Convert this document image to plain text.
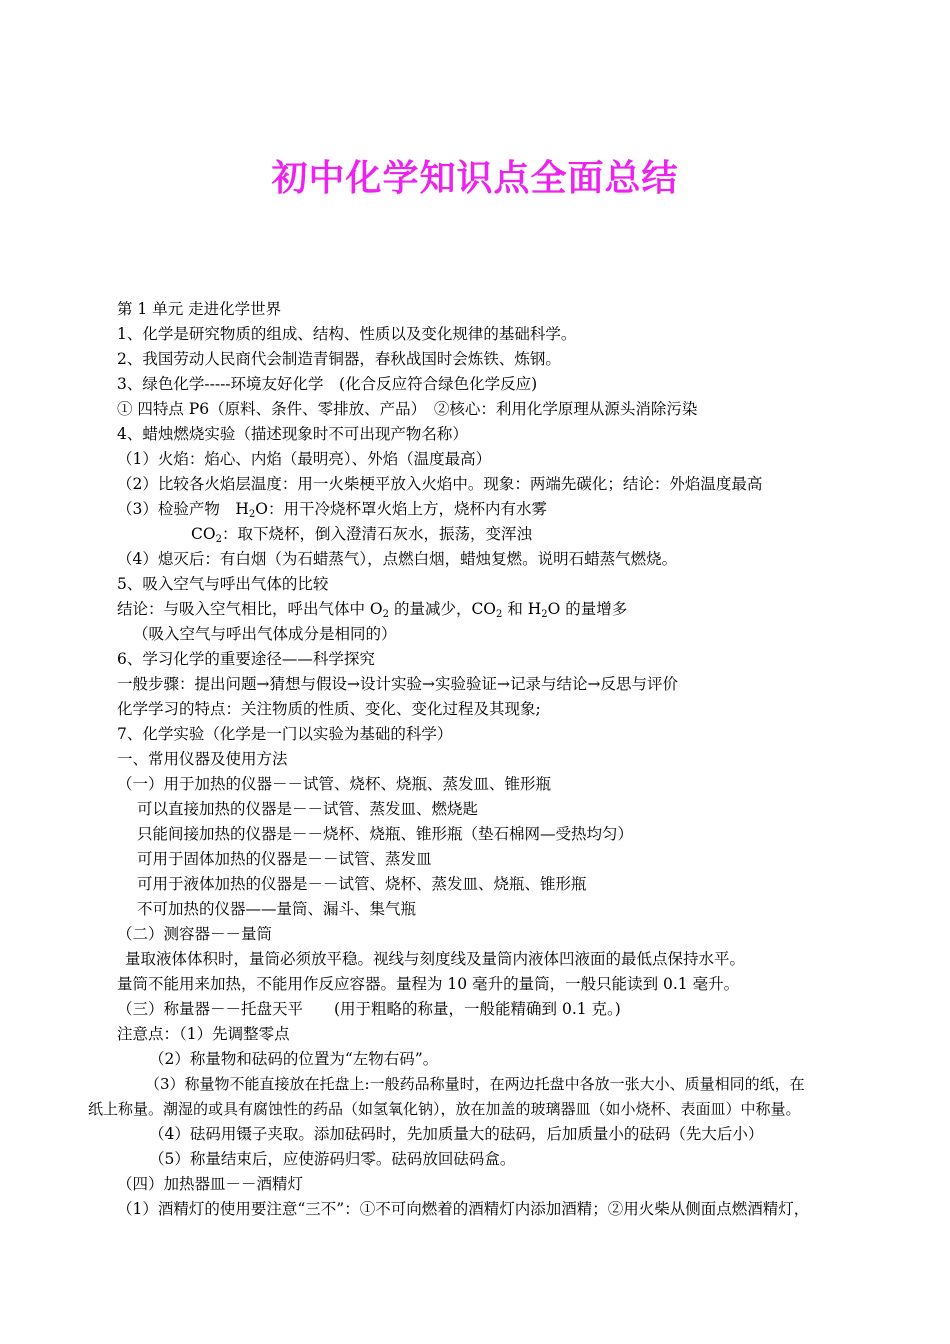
初中化学知识点全面总结
第 1 单元 走进化学世界
1、化学是研究物质的组成、结构、性质以及变化规律的基础科学。
2、我国劳动人民商代会制造青铜器，春秋战国时会炼铁、炼钢。
3、绿色化学-----环境友好化学　(化合反应符合绿色化学反应)
① 四特点 P6（原料、条件、零排放、产品）　②核心：利用化学原理从源头消除污染
4、蜡烛燃烧实验（描述现象时不可出现产物名称）
（1）火焰：焰心、内焰（最明亮）、外焰（温度最高）
（2）比较各火焰层温度：用一火柴梗平放入火焰中。现象：两端先碳化；结论：外焰温度最高
（3）检验产物　$H_2O$：用干冷烧杯罩火焰上方，烧杯内有水雾
$CO_2$：取下烧杯，倒入澄清石灰水，振荡，变浑浊
（4）熄灭后：有白烟（为石蜡蒸气），点燃白烟，蜡烛复燃。说明石蜡蒸气燃烧。
5、吸入空气与呼出气体的比较
结论：与吸入空气相比，呼出气体中 $O_2$ 的量减少，$CO_2$ 和 $H_2O$ 的量增多
（吸入空气与呼出气体成分是相同的）
6、学习化学的重要途径——科学探究
一般步骤：提出问题→猜想与假设→设计实验→实验验证→记录与结论→反思与评价
化学学习的特点：关注物质的性质、变化、变化过程及其现象;
7、化学实验（化学是一门以实验为基础的科学）
一、常用仪器及使用方法
（一）用于加热的仪器－－试管、烧杯、烧瓶、蒸发皿、锥形瓶
可以直接加热的仪器是－－试管、蒸发皿、燃烧匙
只能间接加热的仪器是－－烧杯、烧瓶、锥形瓶（垫石棉网—受热均匀）
可用于固体加热的仪器是－－试管、蒸发皿
可用于液体加热的仪器是－－试管、烧杯、蒸发皿、烧瓶、锥形瓶
不可加热的仪器——量筒、漏斗、集气瓶
（二）测容器－－量筒
量取液体体积时，量筒必须放平稳。视线与刻度线及量筒内液体凹液面的最低点保持水平。
量筒不能用来加热，不能用作反应容器。量程为 10 毫升的量筒，一般只能读到 0.1 毫升。
（三）称量器－－托盘天平　　(用于粗略的称量，一般能精确到 0.1 克。)
注意点：（1）先调整零点
（2）称量物和砝码的位置为“左物右码”。
（3）称量物不能直接放在托盘上:一般药品称量时，在两边托盘中各放一张大小、质量相同的纸，在
纸上称量。潮湿的或具有腐蚀性的药品（如氢氧化钠），放在加盖的玻璃器皿（如小烧杯、表面皿）中称量。
（4）砝码用镊子夹取。添加砝码时，先加质量大的砝码，后加质量小的砝码（先大后小）
（5）称量结束后，应使游码归零。砝码放回砝码盒。
（四）加热器皿－－酒精灯
（1）酒精灯的使用要注意“三不”：①不可向燃着的酒精灯内添加酒精；②用火柴从侧面点燃酒精灯，
